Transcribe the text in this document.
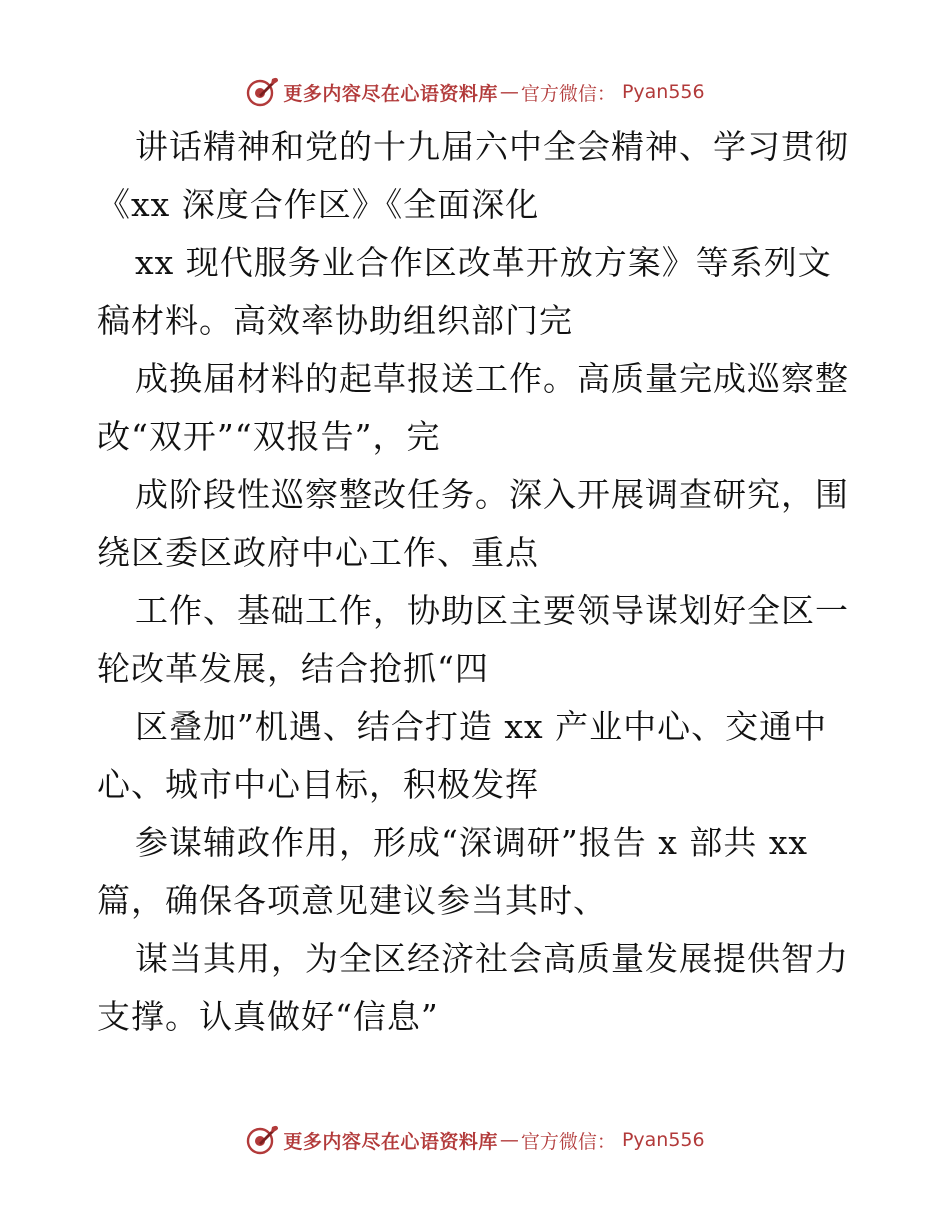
更多内容尽在心语资料库 — 官方微信： Pyan556
讲话精神和党的十九届六中全会精神、学习贯彻
《xx 深度合作区》《全面深化
xx 现代服务业合作区改革开放方案》等系列文
稿材料。高效率协助组织部门完
成换届材料的起草报送工作。高质量完成巡察整
改“双开”“双报告”，完
成阶段性巡察整改任务。深入开展调查研究，围
绕区委区政府中心工作、重点
工作、基础工作，协助区主要领导谋划好全区一
轮改革发展，结合抢抓“四
区叠加”机遇、结合打造 xx 产业中心、交通中
心、城市中心目标，积极发挥
参谋辅政作用，形成“深调研”报告 x 部共 xx
篇，确保各项意见建议参当其时、
谋当其用，为全区经济社会高质量发展提供智力
支撑。认真做好“信息”
更多内容尽在心语资料库 — 官方微信： Pyan556
